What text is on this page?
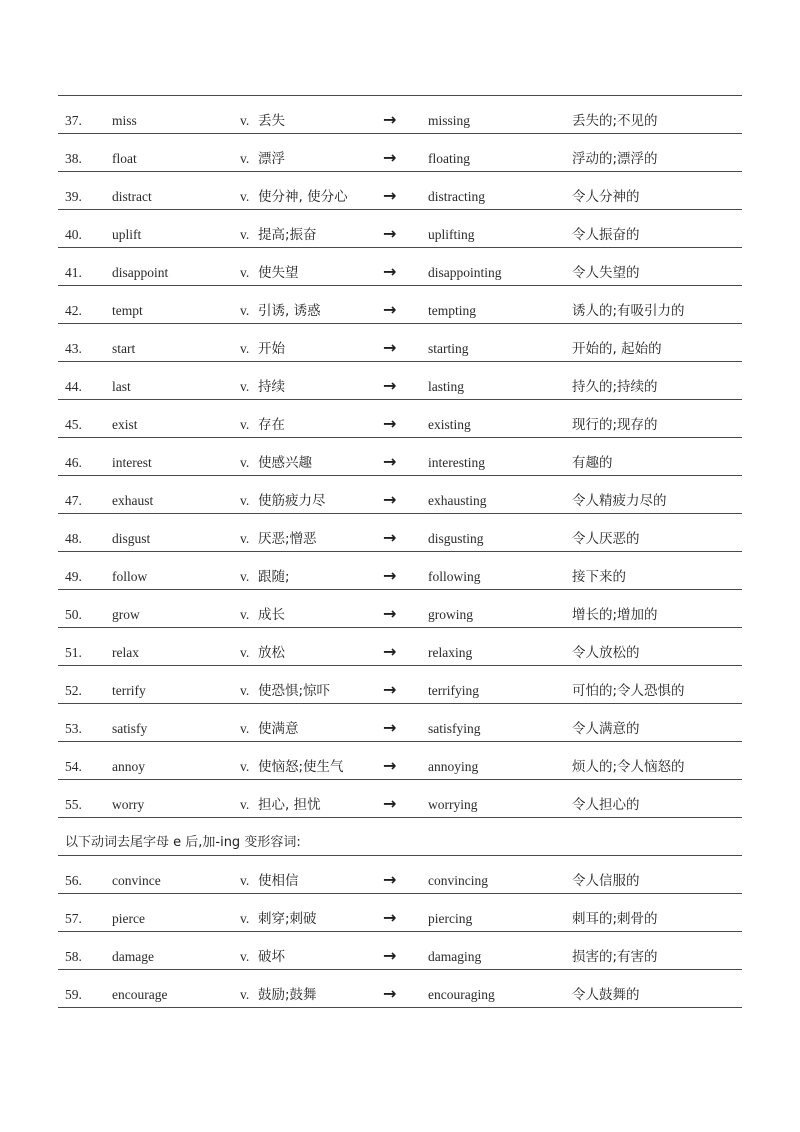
37. miss	v. 丢失	→ missing	丢失的;不见的
38. float	v. 漂浮	→ floating	浮动的;漂浮的
39. distract	v. 使分神, 使分心 → distracting	令人分神的
40. uplift	v. 提高;振奋	→ uplifting	令人振奋的
41. disappoint	v. 使失望	→ disappointing	令人失望的
42. tempt	v. 引诱, 诱惑	→ tempting	诱人的;有吸引力的
43. start	v. 开始	→ starting	开始的, 起始的
44. last	v. 持续	→ lasting	持久的;持续的
45. exist	v. 存在	→ existing	现行的;现存的
46. interest	v. 使感兴趣	→ interesting	有趣的
47. exhaust	v. 使筋疲力尽	→ exhausting	令人精疲力尽的
48. disgust	v. 厌恶;憎恶	→ disgusting	令人厌恶的
49. follow	v. 跟随;	→ following	接下来的
50. grow	v. 成长	→ growing	增长的;增加的
51. relax	v. 放松	→ relaxing	令人放松的
52. terrify	v. 使恐惧;惊吓	→ terrifying	可怕的;令人恐惧的
53. satisfy	v. 使满意	→ satisfying	令人满意的
54. annoy	v. 使恼怒;使生气 → annoying	烦人的;令人恼怒的
55. worry	v. 担心, 担忧	→ worrying	令人担心的
以下动词去尾字母 e 后,加-ing 变形容词:
56. convince	v. 使相信	→ convincing	令人信服的
57. pierce	v. 刺穿;刺破	→ piercing	刺耳的;刺骨的
58. damage	v. 破坏	→ damaging	损害的;有害的
59. encourage	v. 鼓励;鼓舞	→ encouraging	令人鼓舞的
